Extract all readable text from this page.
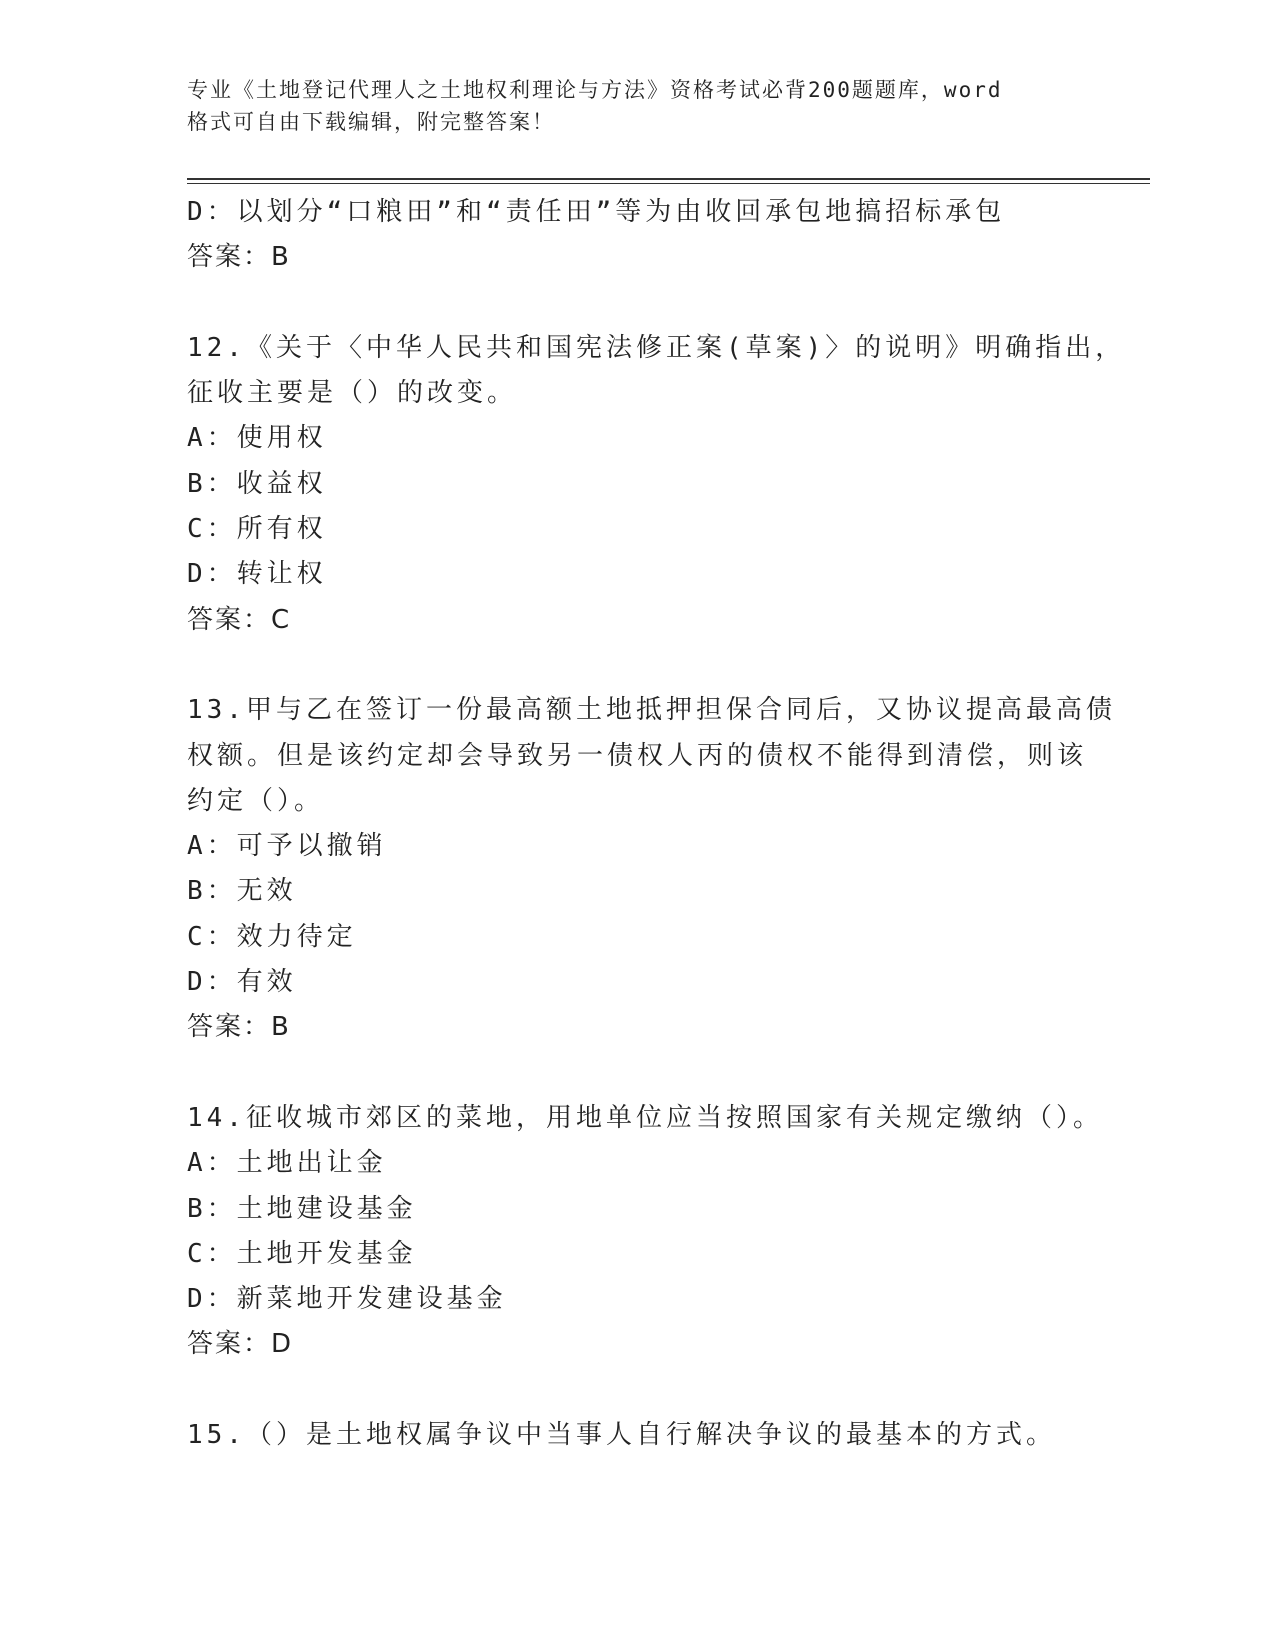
专业《土地登记代理人之土地权利理论与方法》资格考试必背200题题库，word
格式可自由下载编辑，附完整答案！
D：以划分“口粮田”和“责任田”等为由收回承包地搞招标承包
答案：B
12.《关于〈中华人民共和国宪法修正案(草案)〉的说明》明确指出，
征收主要是（）的改变。
A：使用权
B：收益权
C：所有权
D：转让权
答案：C
13.甲与乙在签订一份最高额土地抵押担保合同后，又协议提高最高债
权额。但是该约定却会导致另一债权人丙的债权不能得到清偿，则该
约定（）。
A：可予以撤销
B：无效
C：效力待定
D：有效
答案：B
14.征收城市郊区的菜地，用地单位应当按照国家有关规定缴纳（）。
A：土地出让金
B：土地建设基金
C：土地开发基金
D：新菜地开发建设基金
答案：D
15.（）是土地权属争议中当事人自行解决争议的最基本的方式。
